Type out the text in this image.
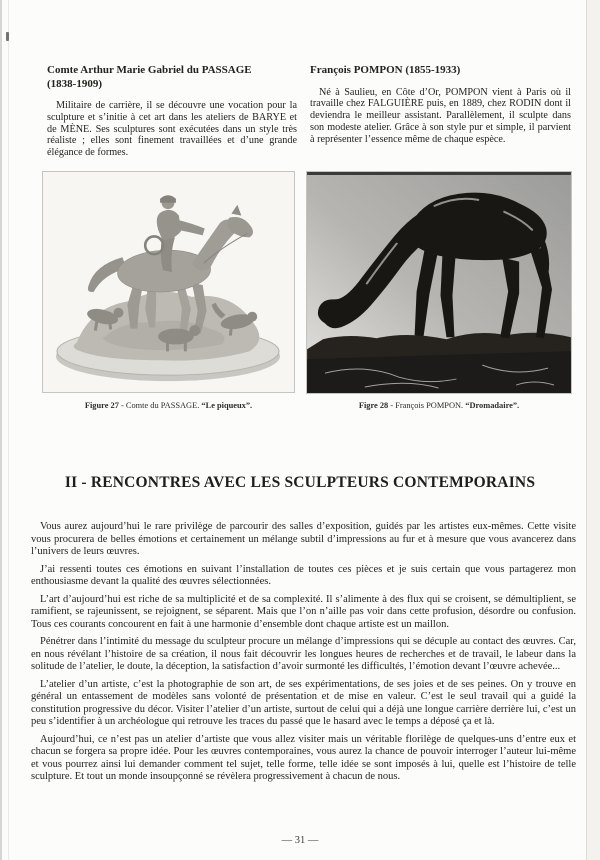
Comte Arthur Marie Gabriel du PASSAGE
(1838-1909)
Militaire de carrière, il se découvre une vocation pour la sculpture et s’initie à cet art dans les ateliers de BARYE et de MÈNE. Ses sculptures sont exécutées dans un style très réaliste ; elles sont finement travaillées et d’une grande élégance de formes.
François POMPON (1855-1933)
Né à Saulieu, en Côte d’Or, POMPON vient à Paris où il travaille chez FALGUIÈRE puis, en 1889, chez RODIN dont il deviendra le meilleur assistant. Parallèlement, il sculpte dans son modeste atelier. Grâce à son style pur et simple, il parvient à représenter l’essence même de chaque espèce.
Figure 27 - Comte du PASSAGE. “Le piqueux”.	Figre 28 - François POMPON. “Dromadaire”.
II - RENCONTRES AVEC LES SCULPTEURS CONTEMPORAINS

Vous aurez aujourd’hui le rare privilège de parcourir des salles d’exposition, guidés par les artistes eux-mêmes. Cette visite vous procurera de belles émotions et certainement un mélange subtil d’impressions au fur et à mesure que vous avancerez dans l’univers de leurs œuvres.

J’ai ressenti toutes ces émotions en suivant l’installation de toutes ces pièces et je suis certain que vous partagerez mon enthousiasme devant la qualité des œuvres sélectionnées.

L’art d’aujourd’hui est riche de sa multiplicité et de sa complexité. Il s’alimente à des flux qui se croisent, se démultiplient, se ramifient, se rajeunissent, se rejoignent, se séparent. Mais que l’on n’aille pas voir dans cette profusion, désordre ou confusion. Tous ces courants concourent en fait à une harmonie d’ensemble dont chaque artiste est un maillon.

Pénétrer dans l’intimité du message du sculpteur procure un mélange d’impressions qui se décuple au contact des œuvres. Car, en nous révélant l’histoire de sa création, il nous fait découvrir les longues heures de recherches et de travail, le labeur dans la solitude de l’atelier, le doute, la déception, la satisfaction d’avoir surmonté les difficultés, l’émotion devant l’œuvre achevée...

L’atelier d’un artiste, c’est la photographie de son art, de ses expérimentations, de ses joies et de ses peines. On y trouve en général un entassement de modèles sans volonté de présentation et de mise en valeur. C’est le seul travail qui a guidé la constitution progressive du décor. Visiter l’atelier d’un artiste, surtout de celui qui a déjà une longue carrière derrière lui, c’est un peu s’identifier à un archéologue qui retrouve les traces du passé que le hasard avec le temps a déposé ça et là.

Aujourd’hui, ce n’est pas un atelier d’artiste que vous allez visiter mais un véritable florilège de quelques-uns d’entre eux et chacun se forgera sa propre idée. Pour les œuvres contemporaines, vous aurez la chance de pouvoir interroger l’auteur lui-même et vous pourrez ainsi lui demander comment tel sujet, telle forme, telle idée se sont imposés à lui, quelle est l’histoire de telle sculpture. Et tout un monde insoupçonné se révèlera progressivement à chacun de nous.

— 31 —
